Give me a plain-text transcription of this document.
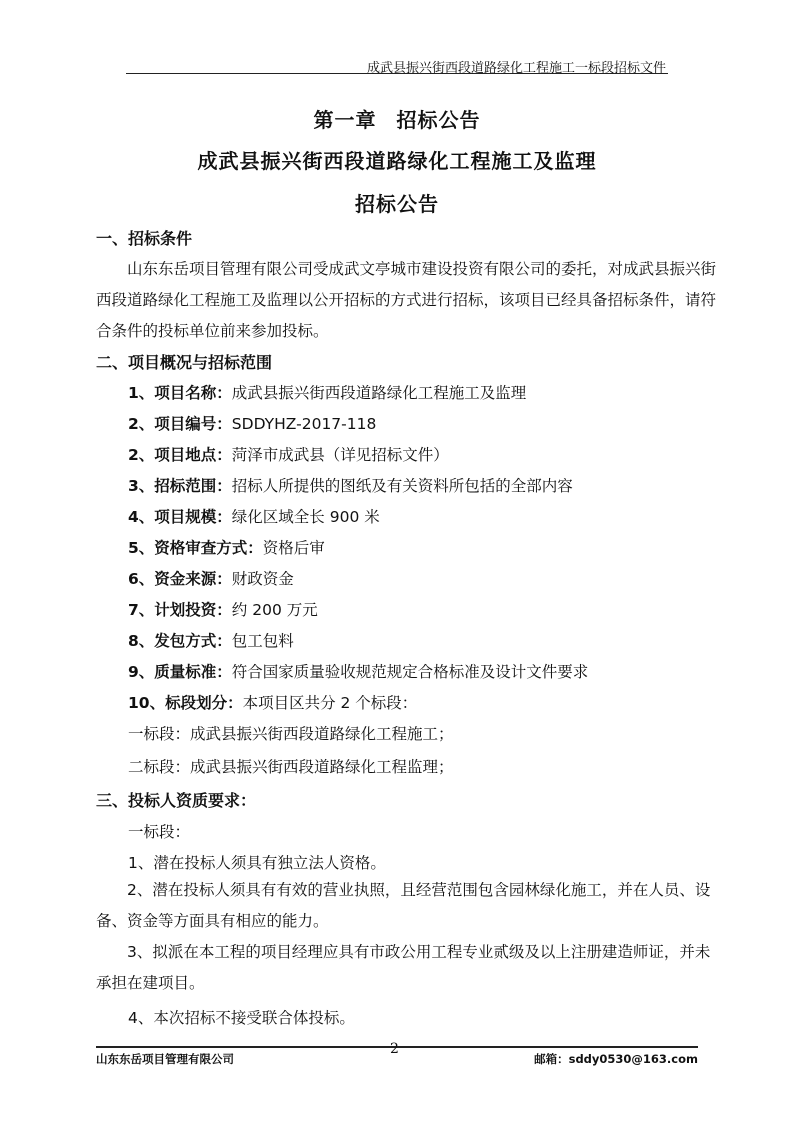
成武县振兴街西段道路绿化工程施工一标段招标文件
第一章 招标公告
成武县振兴街西段道路绿化工程施工及监理
招标公告
一、招标条件
山东东岳项目管理有限公司受成武文亭城市建设投资有限公司的委托，对成武县振兴街西段道路绿化工程施工及监理以公开招标的方式进行招标，该项目已经具备招标条件，请符合条件的投标单位前来参加投标。
二、项目概况与招标范围
1、项目名称：成武县振兴街西段道路绿化工程施工及监理
2、项目编号：SDDYHZ-2017-118
2、项目地点：菏泽市成武县（详见招标文件）
3、招标范围：招标人所提供的图纸及有关资料所包括的全部内容
4、项目规模：绿化区域全长 900 米
5、资格审查方式：资格后审
6、资金来源：财政资金
7、计划投资：约 200 万元
8、发包方式：包工包料
9、质量标准：符合国家质量验收规范规定合格标准及设计文件要求
10、标段划分：本项目区共分 2 个标段：
一标段：成武县振兴街西段道路绿化工程施工；
二标段：成武县振兴街西段道路绿化工程监理；
三、投标人资质要求：
一标段：
1、潜在投标人须具有独立法人资格。
2、潜在投标人须具有有效的营业执照，且经营范围包含园林绿化施工，并在人员、设备、资金等方面具有相应的能力。
3、拟派在本工程的项目经理应具有市政公用工程专业贰级及以上注册建造师证，并未承担在建项目。
4、本次招标不接受联合体投标。
2
山东东岳项目管理有限公司	邮箱：sddy0530@163.com
